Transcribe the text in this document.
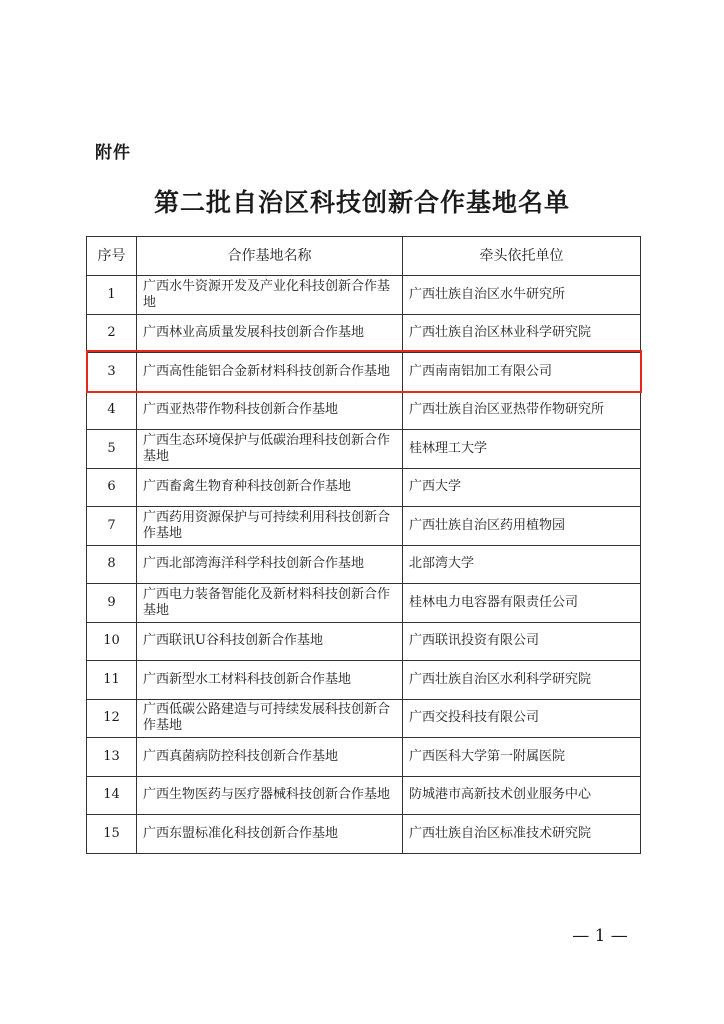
附件
第二批自治区科技创新合作基地名单
序号	合作基地名称	牵头依托单位
1	广西水牛资源开发及产业化科技创新合作基地	广西壮族自治区水牛研究所
2	广西林业高质量发展科技创新合作基地	广西壮族自治区林业科学研究院
3	广西高性能铝合金新材料科技创新合作基地	广西南南铝加工有限公司
4	广西亚热带作物科技创新合作基地	广西壮族自治区亚热带作物研究所
5	广西生态环境保护与低碳治理科技创新合作基地	桂林理工大学
6	广西畜禽生物育种科技创新合作基地	广西大学
7	广西药用资源保护与可持续利用科技创新合作基地	广西壮族自治区药用植物园
8	广西北部湾海洋科学科技创新合作基地	北部湾大学
9	广西电力装备智能化及新材料科技创新合作基地	桂林电力电容器有限责任公司
10	广西联讯U谷科技创新合作基地	广西联讯投资有限公司
11	广西新型水工材料科技创新合作基地	广西壮族自治区水利科学研究院
12	广西低碳公路建造与可持续发展科技创新合作基地	广西交投科技有限公司
13	广西真菌病防控科技创新合作基地	广西医科大学第一附属医院
14	广西生物医药与医疗器械科技创新合作基地	防城港市高新技术创业服务中心
15	广西东盟标准化科技创新合作基地	广西壮族自治区标准技术研究院
— 1 —
